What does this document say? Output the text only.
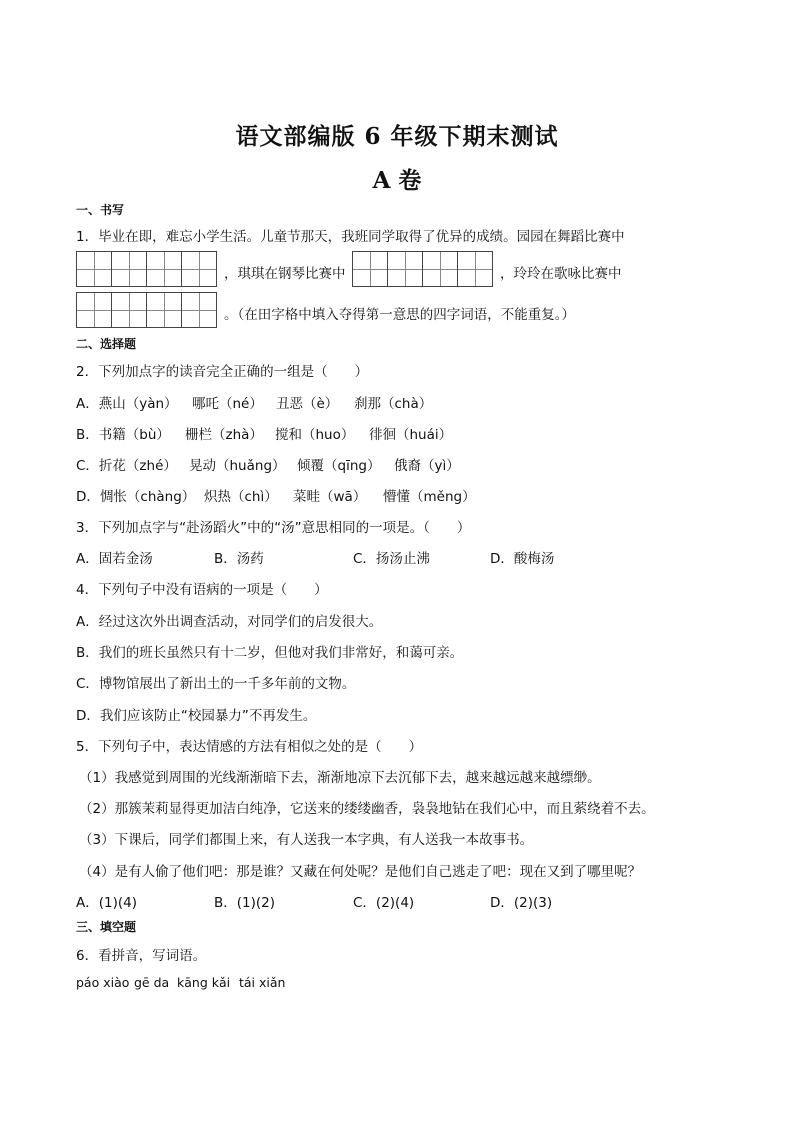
语文部编版 6 年级下期末测试
A 卷
一、书写
1．毕业在即，难忘小学生活。儿童节那天，我班同学取得了优异的成绩。园园在舞蹈比赛中
，琪琪在钢琴比赛中	，玲玲在歌咏比赛中
。（在田字格中填入夺得第一意思的四字词语，不能重复。）
二、选择题
2．下列加点字的读音完全正确的一组是（　　）
A．燕山（yàn） 哪吒（né） 丑恶（è） 刹那（chà）
B．书籍（bù） 栅栏（zhà） 搅和（huo） 徘徊（huái）
C．折花（zhé） 晃动（huǎng） 倾覆（qīng） 俄裔（yì）
D．惆怅（chàng） 炽热（chì） 菜畦（wā） 懵懂（měng）
3．下列加点字与“赴汤蹈火”中的“汤”意思相同的一项是。（　　）
A．固若金汤	B．汤药	C．扬汤止沸	D．酸梅汤
4．下列句子中没有语病的一项是（　　）
A．经过这次外出调查活动，对同学们的启发很大。
B．我们的班长虽然只有十二岁，但他对我们非常好，和蔼可亲。
C．博物馆展出了新出土的一千多年前的文物。
D．我们应该防止“校园暴力”不再发生。
5．下列句子中，表达情感的方法有相似之处的是（　　）
（1）我感觉到周围的光线渐渐暗下去，渐渐地凉下去沉郁下去，越来越远越来越缥缈。
（2）那簇茉莉显得更加洁白纯净，它送来的缕缕幽香，袅袅地钻在我们心中，而且萦绕着不去。
（3）下课后，同学们都围上来，有人送我一本字典，有人送我一本故事书。
（4）是有人偷了他们吧：那是谁？又藏在何处呢？是他们自己逃走了吧：现在又到了哪里呢？
A．(1)(4)	B．(1)(2)	C．(2)(4)	D．(2)(3)
三、填空题
6．看拼音，写词语。
páo xiào gē da kāng kǎi tái xiǎn
